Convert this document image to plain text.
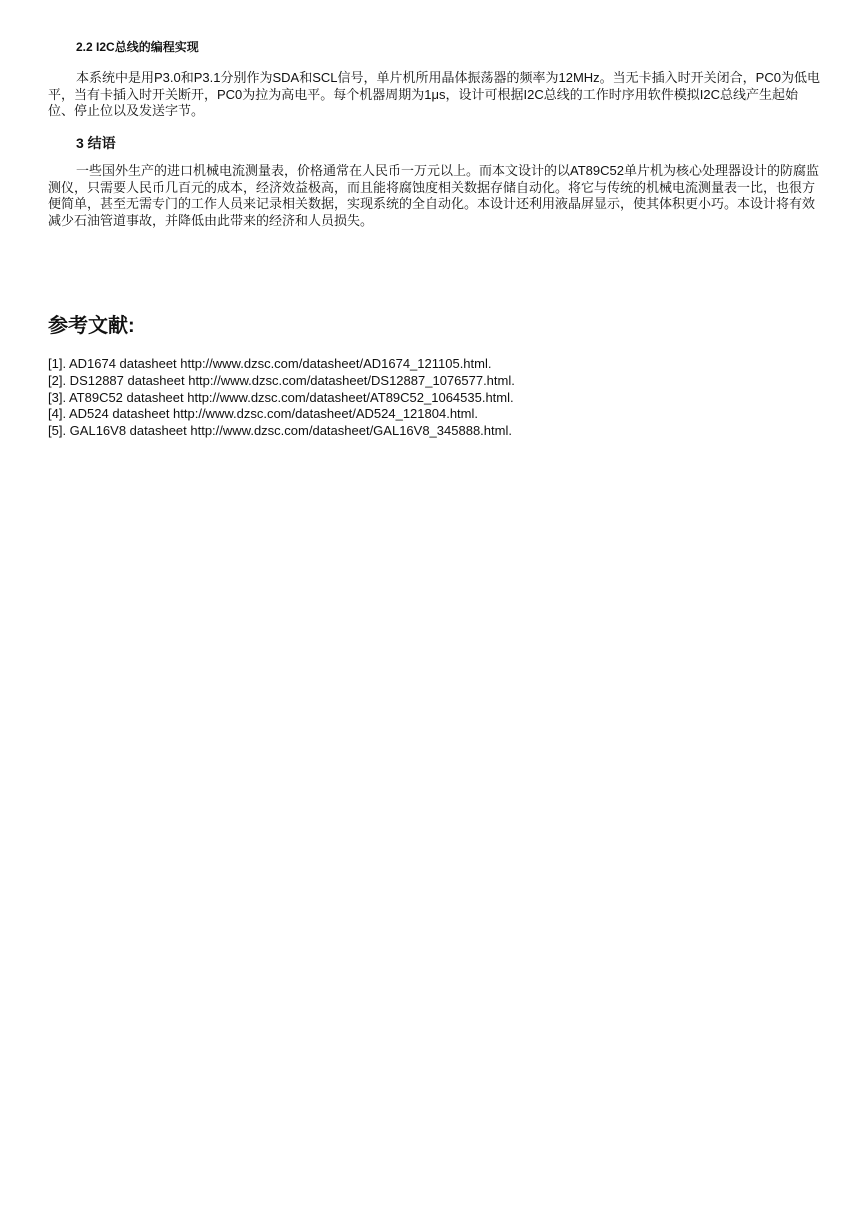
2.2 I2C总线的编程实现

本系统中是用P3.0和P3.1分别作为SDA和SCL信号，单片机所用晶体振荡器的频率为12MHz。当无卡插入时开关闭合，PC0为低电平，当有卡插入时开关断开，PC0为拉为高电平。每个机器周期为1μs，设计可根据I2C总线的工作时序用软件模拟I2C总线产生起始位、停止位以及发送字节。

3 结语

一些国外生产的进口机械电流测量表，价格通常在人民币一万元以上。而本文设计的以AT89C52单片机为核心处理器设计的防腐监测仪，只需要人民币几百元的成本，经济效益极高，而且能将腐蚀度相关数据存储自动化。将它与传统的机械电流测量表一比，也很方便简单，甚至无需专门的工作人员来记录相关数据，实现系统的全自动化。本设计还利用液晶屏显示，使其体积更小巧。本设计将有效减少石油管道事故，并降低由此带来的经济和人员损失。

参考文献:
[1]. AD1674 datasheet http://www.dzsc.com/datasheet/AD1674_121105.html.
[2]. DS12887 datasheet http://www.dzsc.com/datasheet/DS12887_1076577.html.
[3]. AT89C52 datasheet http://www.dzsc.com/datasheet/AT89C52_1064535.html.
[4]. AD524 datasheet http://www.dzsc.com/datasheet/AD524_121804.html.
[5]. GAL16V8 datasheet http://www.dzsc.com/datasheet/GAL16V8_345888.html.
